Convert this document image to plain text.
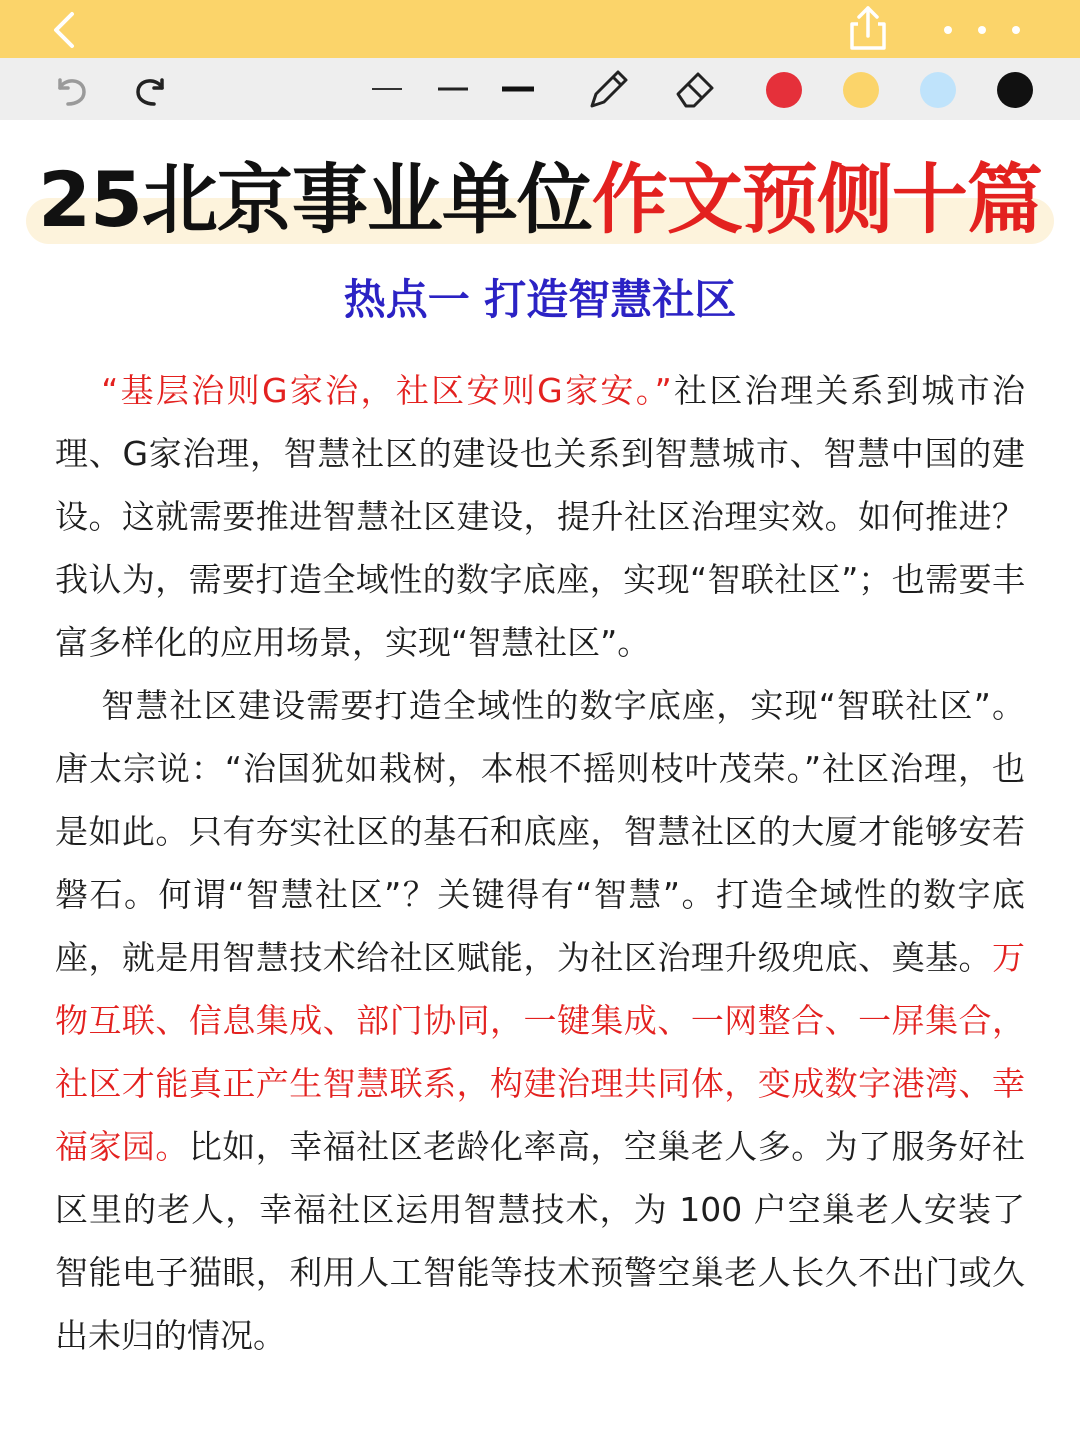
25北京事业单位作文预侧十篇
热点一 打造智慧社区

“基层治则G家治，社区安则G家安。”社区治理关系到城市治理、G家治理，智慧社区的建设也关系到智慧城市、智慧中国的建设。这就需要推进智慧社区建设，提升社区治理实效。如何推进？我认为，需要打造全域性的数字底座，实现“智联社区”；也需要丰富多样化的应用场景，实现“智慧社区”。

智慧社区建设需要打造全域性的数字底座，实现“智联社区”。唐太宗说：“治国犹如栽树，本根不摇则枝叶茂荣。”社区治理，也是如此。只有夯实社区的基石和底座，智慧社区的大厦才能够安若磐石。何谓“智慧社区”？关键得有“智慧”。打造全域性的数字底座，就是用智慧技术给社区赋能，为社区治理升级兜底、奠基。万物互联、信息集成、部门协同，一键集成、一网整合、一屏集合，社区才能真正产生智慧联系，构建治理共同体，变成数字港湾、幸福家园。比如，幸福社区老龄化率高，空巢老人多。为了服务好社区里的老人，幸福社区运用智慧技术，为 100 户空巢老人安装了智能电子猫眼，利用人工智能等技术预警空巢老人长久不出门或久出未归的情况。
